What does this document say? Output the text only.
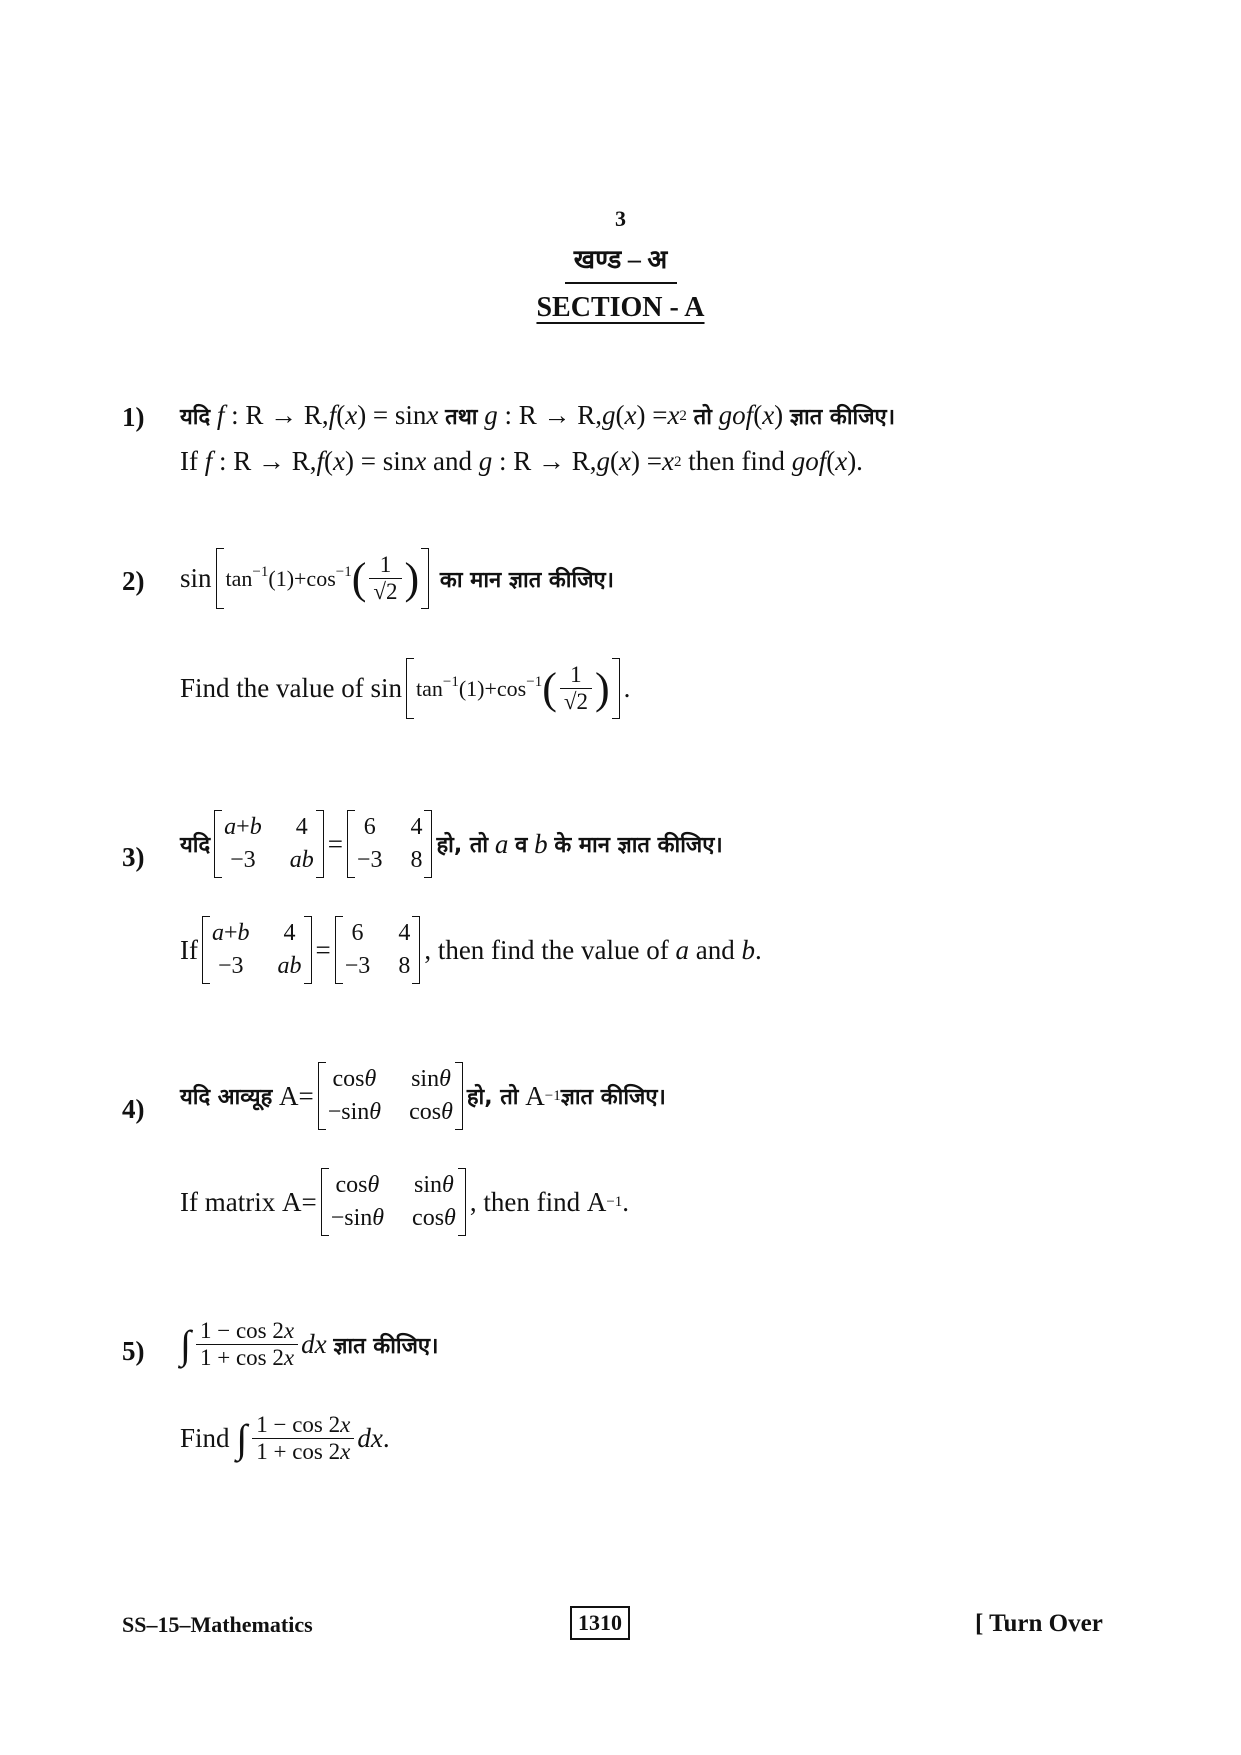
3
खण्ड – अ
SECTION - A
1) यदि
f : R → R, f ( x ) = sin x
तथा
g : R → R, g ( x ) = x 2
तो
gof ( x ) ज्ञात कीजिए।
If
f : R → R, f ( x ) = sin x
and
g : R → R, g ( x ) = x 2
then find
gof ( x ).
2) $\sin \tan^{-1}(1)+\cos^{-1}$ ( $\frac{1}{√2}$ )
का मान ज्ञात कीजिए।
Find the value of $\sin \tan^{-1}(1)+\cos^{-1}$ ( $\frac{1}{√2}$ ) .
3) यदि
a+b 4
−3 ab
=
6 4
−3 8
हो, तो
a
व
b
के मान ज्ञात कीजिए।
If
a+b 4
−3 ab
=
6 4
−3 8
, then find the value of
a
and
b .
4) यदि आव्यूह A=
cosθ sinθ
−sinθ cosθ
हो, तो A −1 ज्ञात कीजिए।
If matrix A=
cosθ sinθ
−sinθ cosθ
, then find A −1 .
5) ∫ $\frac{1 - \cos 2x}{1 + \cos 2x}$ dx
ज्ञात कीजिए।
Find
∫ $\frac{1 - \cos 2x}{1 + \cos 2x}$ dx .
SS–15–Mathematics	1310	[ Turn Over
